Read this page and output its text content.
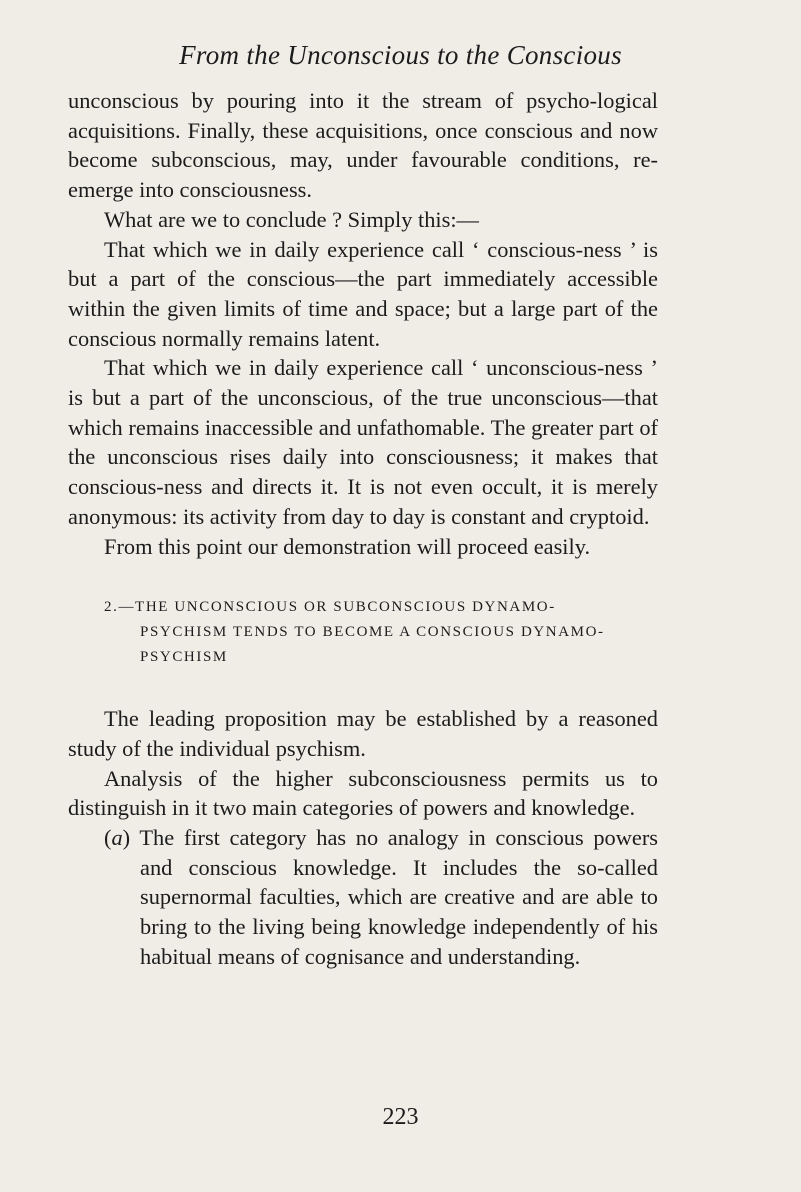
From the Unconscious to the Conscious

unconscious by pouring into it the stream of psycho-logical acquisitions. Finally, these acquisitions, once conscious and now become subconscious, may, under favourable conditions, re-emerge into consciousness.

What are we to conclude ? Simply this:—

That which we in daily experience call ‘ conscious-ness ’ is but a part of the conscious—the part immediately accessible within the given limits of time and space; but a large part of the conscious normally remains latent.

That which we in daily experience call ‘ unconscious-ness ’ is but a part of the unconscious, of the true unconscious—that which remains inaccessible and unfathomable. The greater part of the unconscious rises daily into consciousness; it makes that conscious-ness and directs it. It is not even occult, it is merely anonymous: its activity from day to day is constant and cryptoid.

From this point our demonstration will proceed easily.

2.—THE UNCONSCIOUS OR SUBCONSCIOUS DYNAMO-
PSYCHISM TENDS TO BECOME A CONSCIOUS DYNAMO-
PSYCHISM

The leading proposition may be established by a reasoned study of the individual psychism.

Analysis of the higher subconsciousness permits us to distinguish in it two main categories of powers and knowledge.

(a) The first category has no analogy in conscious powers and conscious knowledge. It includes the so-called supernormal faculties, which are creative and are able to bring to the living being knowledge independently of his habitual means of cognisance and understanding.

223
